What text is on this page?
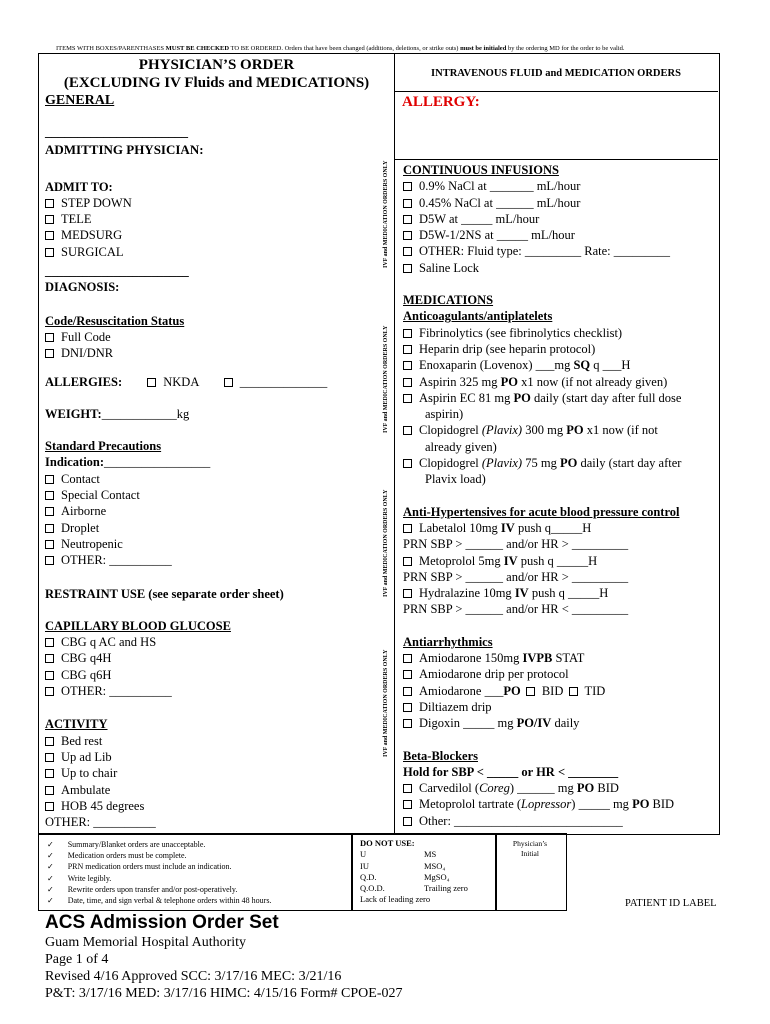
ITEMS WITH BOXES/PARENTHASES MUST BE CHECKED TO BE ORDERED. Orders that have been changed (additions, deletions, or strike outs) must be initialed by the ordering MD for the order to be valid.
PHYSICIAN’S ORDER
(EXCLUDING IV Fluids and MEDICATIONS)
GENERAL
______________________
ADMITTING PHYSICIAN:
ADMIT TO:
STEP DOWN
TELE
MEDSURG
SURGICAL
_______________________
DIAGNOSIS:
Code/Resuscitation Status
Full Code
DNI/DNR
ALLERGIES:	NKDA	______________
WEIGHT:____________kg
Standard Precautions
Indication:_________________
Contact
Special Contact
Airborne
Droplet
Neutropenic
OTHER: __________
RESTRAINT USE (see separate order sheet)
CAPILLARY BLOOD GLUCOSE
CBG q AC and HS
CBG q4H
CBG q6H
OTHER: __________
ACTIVITY
Bed rest
Up ad Lib
Up to chair
Ambulate
HOB 45 degrees
OTHER: __________
IVF and MEDICATION ORDERS ONLY
IVF and MEDICATION ORDERS ONLY
IVF and MEDICATION ORDERS ONLY
IVF and MEDICATION ORDERS ONLY
INTRAVENOUS FLUID and MEDICATION ORDERS
ALLERGY:
CONTINUOUS INFUSIONS
0.9% NaCl at _______ mL/hour
0.45% NaCl at ______ mL/hour
D5W at _____ mL/hour
D5W-1/2NS at _____ mL/hour
OTHER: Fluid type: _________ Rate: _________
Saline Lock
MEDICATIONS
Anticoagulants/antiplatelets
Fibrinolytics (see fibrinolytics checklist)
Heparin drip (see heparin protocol)
Enoxaparin (Lovenox) ___mg SQ q ___H
Aspirin 325 mg PO x1 now (if not already given)
Aspirin EC 81 mg PO daily (start day after full dose
aspirin)
Clopidogrel (Plavix) 300 mg PO x1 now (if not
already given)
Clopidogrel (Plavix) 75 mg PO daily (start day after
Plavix load)
Anti-Hypertensives for acute blood pressure control
Labetalol 10mg IV push q_____H
PRN SBP > ______ and/or HR > _________
Metoprolol 5mg IV push q _____H
PRN SBP > ______ and/or HR > _________
Hydralazine 10mg IV push q _____H
PRN SBP > ______ and/or HR < _________
Antiarrhythmics
Amiodarone 150mg IVPB STAT
Amiodarone drip per protocol
Amiodarone ___PO BID TID
Diltiazem drip
Digoxin _____ mg PO/IV daily
Beta-Blockers
Hold for SBP < _____ or HR < ________
Carvedilol (Coreg) ______ mg PO BID
Metoprolol tartrate (Lopressor) _____ mg PO BID
Other: ___________________________
✓ Summary/Blanket orders are unacceptable.
✓ Medication orders must be complete.
✓ PRN medication orders must include an indication.
✓ Write legibly.
✓ Rewrite orders upon transfer and/or post-operatively.
✓ Date, time, and sign verbal & telephone orders within 48 hours.
DO NOT USE:
U	MS
IU	MSO₄
Q.D.	MgSO₄
Q.O.D.	Trailing zero
Lack of leading zero
Physician’s
Initial
PATIENT ID LABEL
ACS Admission Order Set
Guam Memorial Hospital Authority
Page 1 of 4
Revised 4/16 Approved SCC: 3/17/16 MEC: 3/21/16
P&T: 3/17/16 MED: 3/17/16 HIMC: 4/15/16 Form# CPOE-027
